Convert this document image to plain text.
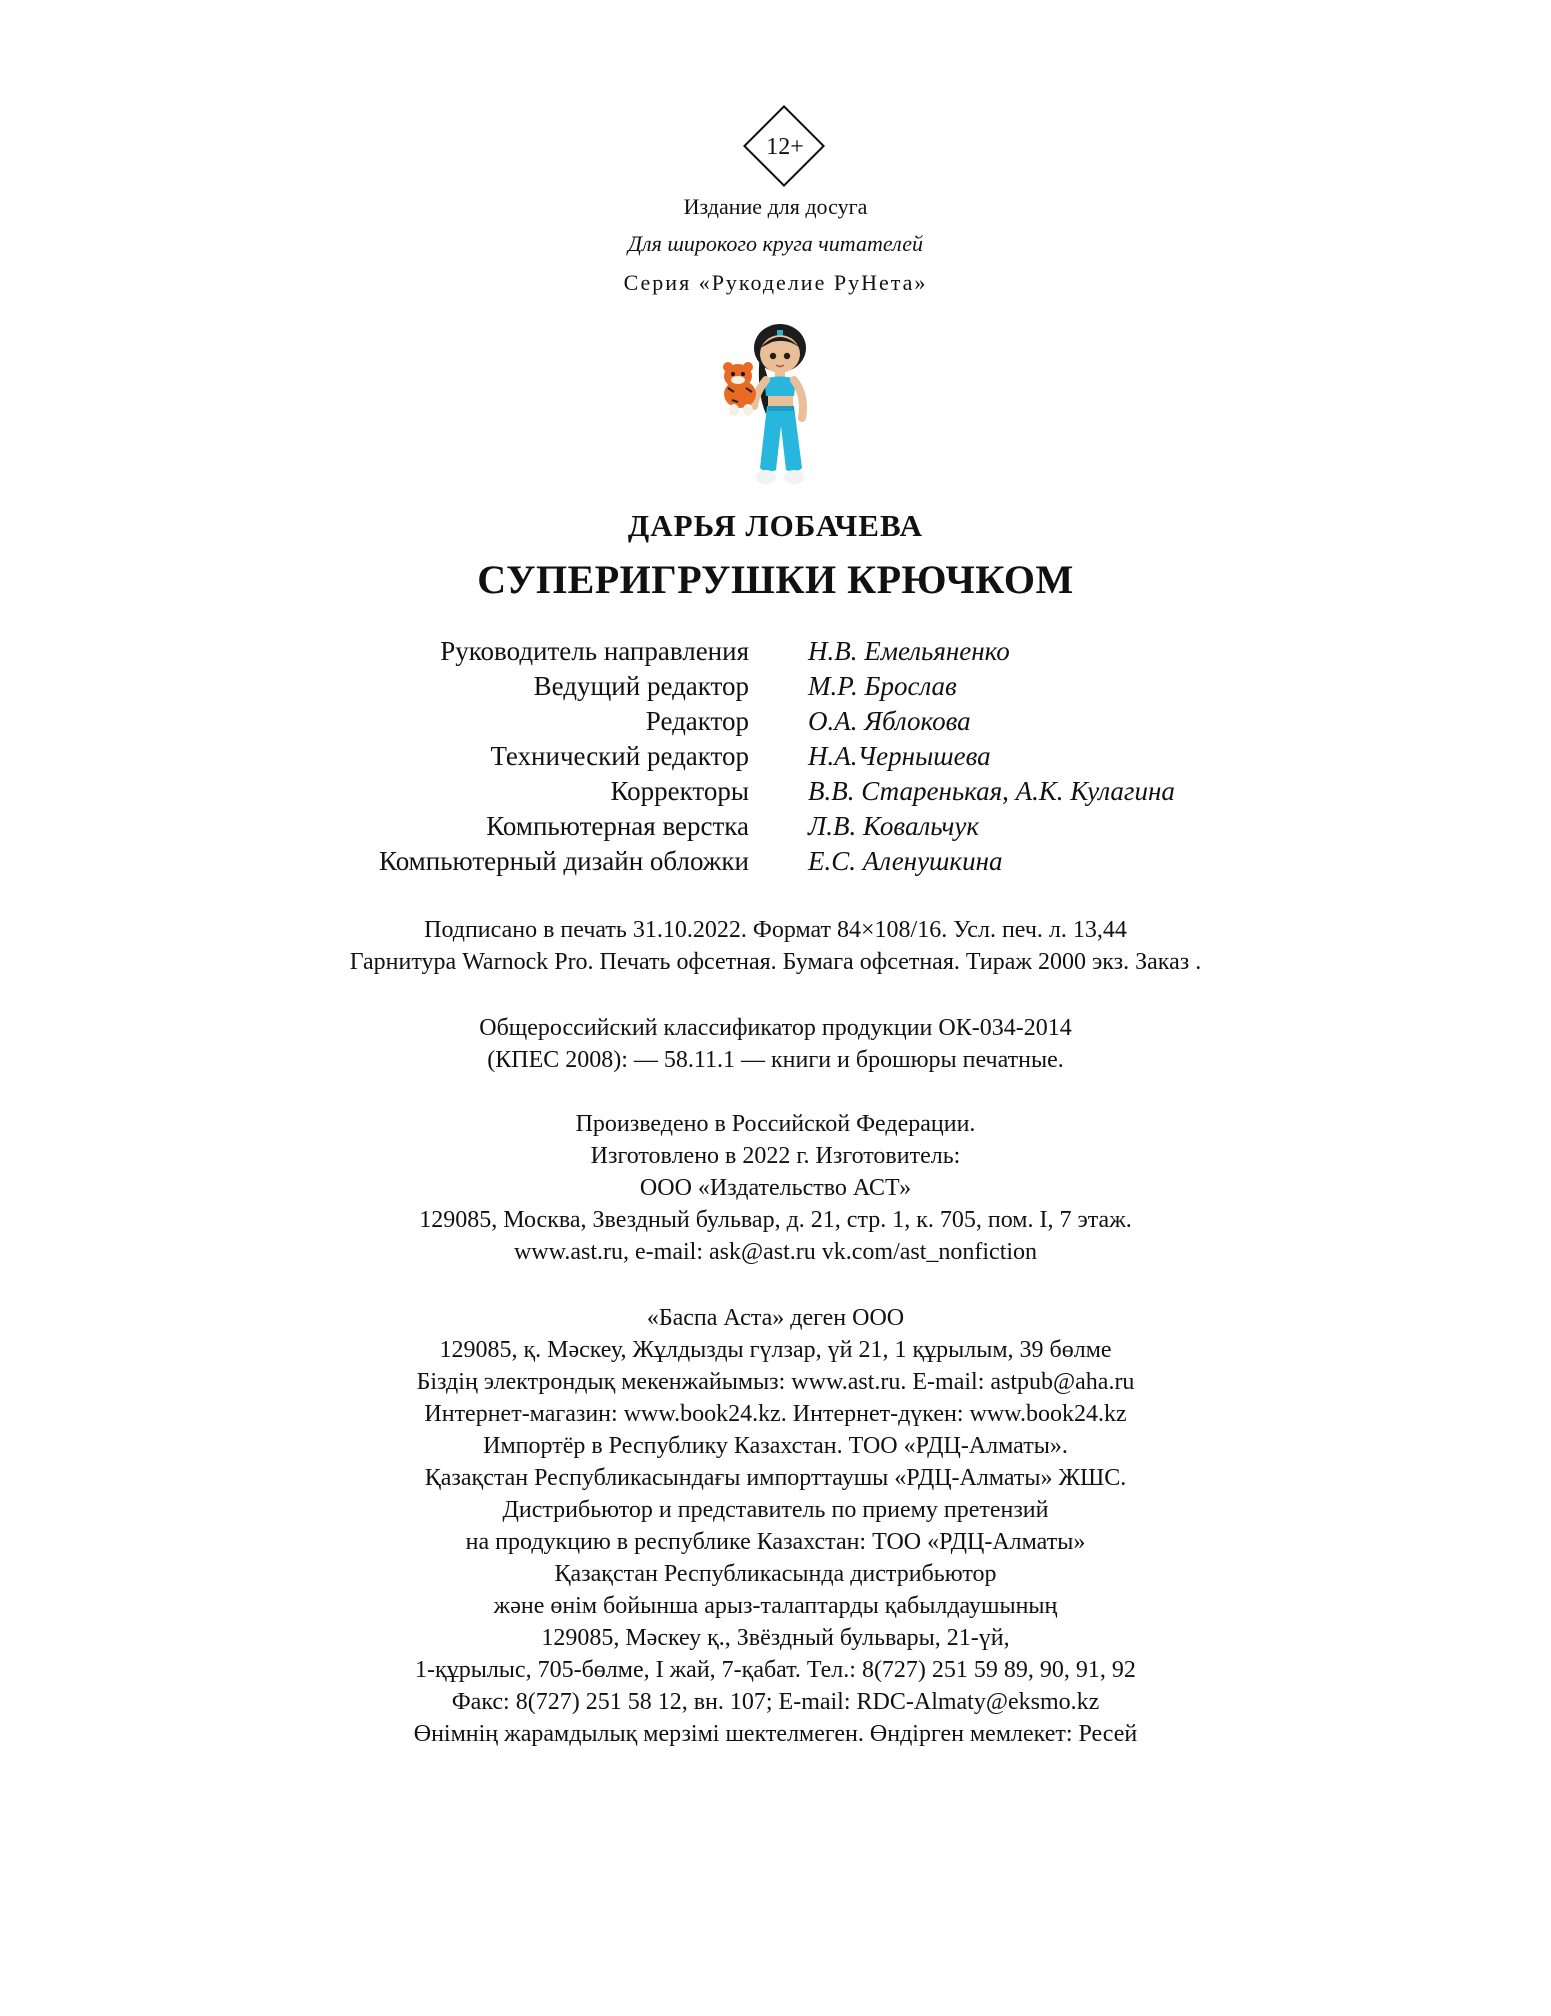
12+
Издание для досуга
Для широкого круга читателей
Серия «Рукоделие РуНета»
ДАРЬЯ ЛОБАЧЕВА
СУПЕРИГРУШКИ КРЮЧКОМ
Руководитель направления Н.В. Емельяненко
Ведущий редактор М.Р. Брослав
Редактор О.А. Яблокова
Технический редактор Н.А.Чернышева
Корректоры В.В. Старенькая, А.К. Кулагина
Компьютерная верстка Л.В. Ковальчук
Компьютерный дизайн обложки Е.С. Аленушкина
Подписано в печать 31.10.2022. Формат 84×108/16. Усл. печ. л. 13,44
Гарнитура Warnock Pro. Печать офсетная. Бумага офсетная. Тираж 2000 экз. Заказ .
Общероссийский классификатор продукции ОК-034-2014
(КПЕС 2008): — 58.11.1 — книги и брошюры печатные.
Произведено в Российской Федерации.
Изготовлено в 2022 г. Изготовитель:
ООО «Издательство АСТ»
129085, Москва, Звездный бульвар, д. 21, стр. 1, к. 705, пом. I, 7 этаж.
www.ast.ru, e-mail: ask@ast.ru vk.com/ast_nonfiction
«Баспа Аста» деген ООО
129085, қ. Мәскеу, Жұлдызды гүлзар, үй 21, 1 құрылым, 39 бөлме
Біздің электрондық мекенжайымыз: www.ast.ru. E-mail: astpub@aha.ru
Интернет-магазин: www.book24.kz. Интернет-дүкен: www.book24.kz
Импортёр в Республику Казахстан. ТОО «РДЦ-Алматы».
Қазақстан Республикасындағы импорттаушы «РДЦ-Алматы» ЖШС.
Дистрибьютор и представитель по приему претензий
на продукцию в республике Казахстан: ТОО «РДЦ-Алматы»
Қазақстан Республикасында дистрибьютор
және өнім бойынша арыз-талаптарды қабылдаушының
129085, Мәскеу қ., Звёздный бульвары, 21-үй,
1-құрылыс, 705-бөлме, I жай, 7-қабат. Тел.: 8(727) 251 59 89, 90, 91, 92
Факс: 8(727) 251 58 12, вн. 107; E-mail: RDC-Almaty@eksmo.kz
Өнімнің жарамдылық мерзімі шектелмеген. Өндірген мемлекет: Ресей
